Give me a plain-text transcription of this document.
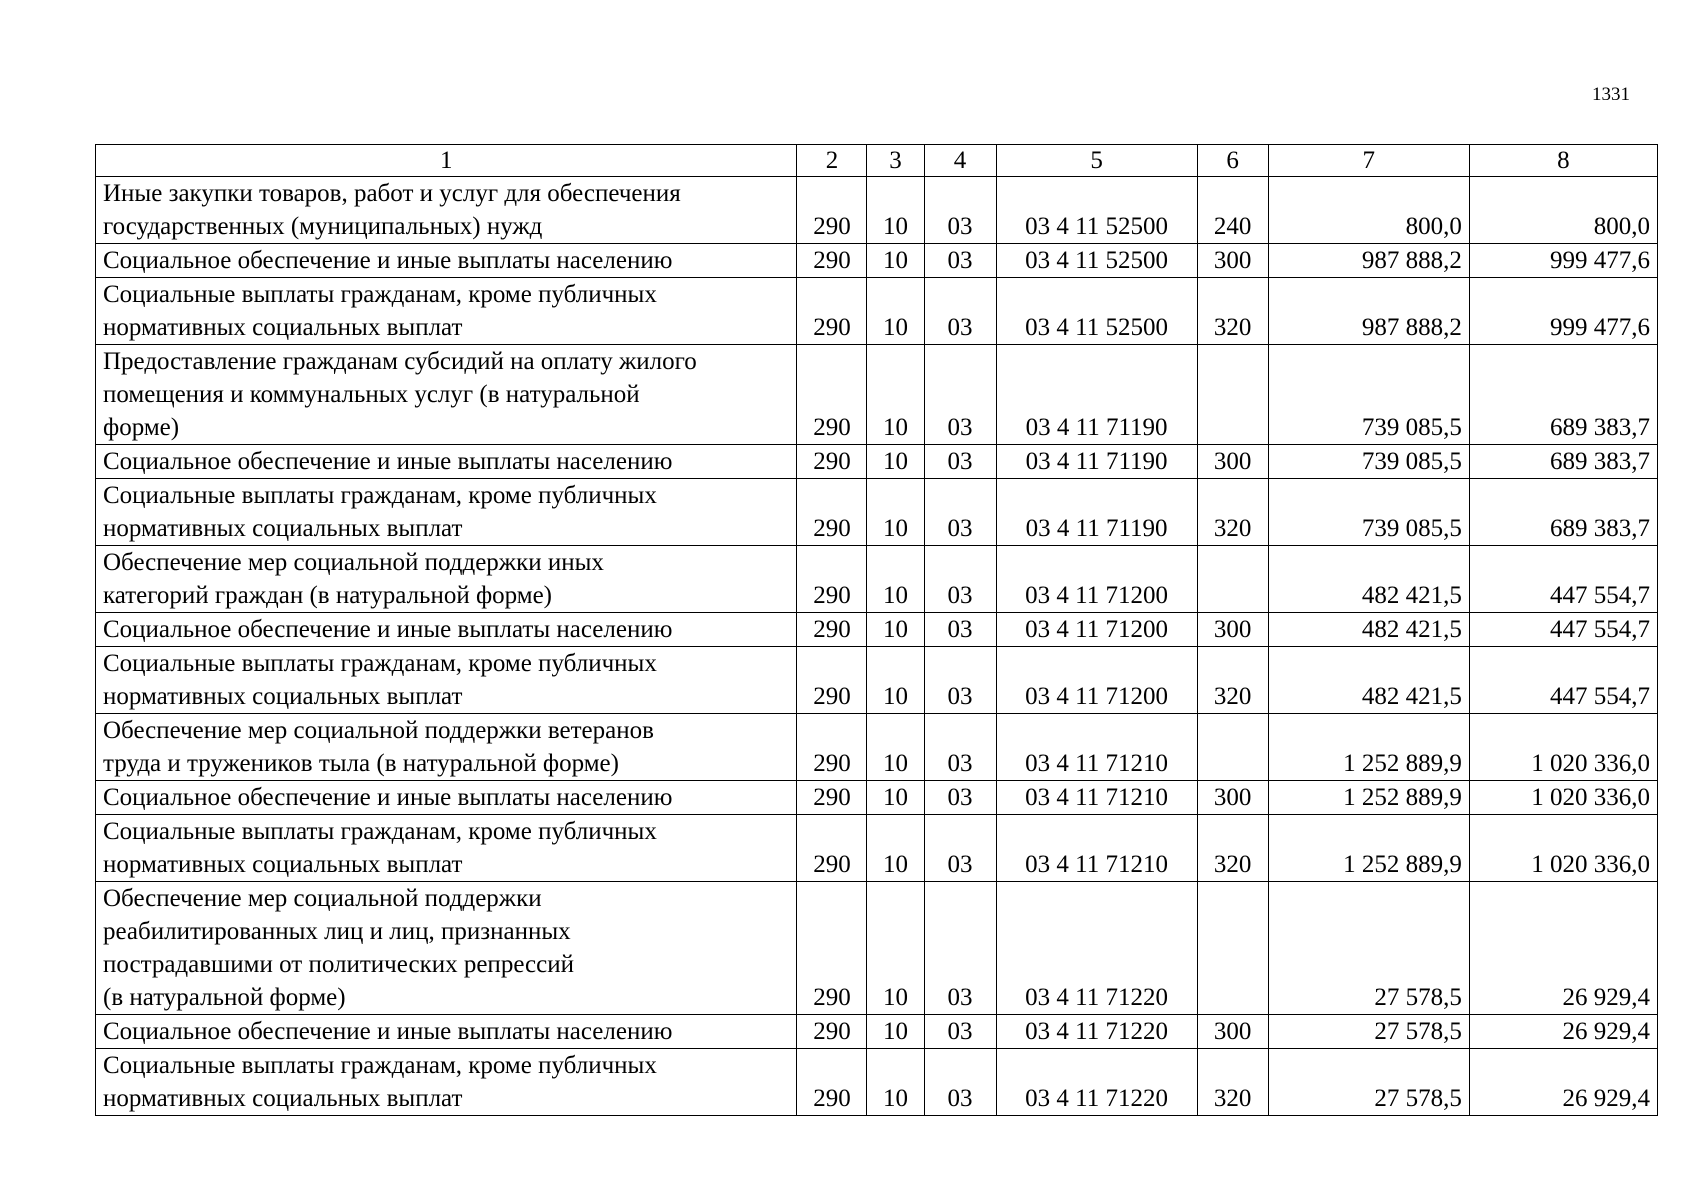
1331
1	2	3	4	5	6	7	8
Иные закупки товаров, работ и услуг для обеспечения
государственных (муниципальных) нужд	290	10	03	03 4 11 52500	240	800,0	800,0
Социальное обеспечение и иные выплаты населению	290	10	03	03 4 11 52500	300	987 888,2	999 477,6
Социальные выплаты гражданам, кроме публичных
нормативных социальных выплат	290	10	03	03 4 11 52500	320	987 888,2	999 477,6
Предоставление гражданам субсидий на оплату жилого
помещения и коммунальных услуг (в натуральной
форме)	290	10	03	03 4 11 71190		739 085,5	689 383,7
Социальное обеспечение и иные выплаты населению	290	10	03	03 4 11 71190	300	739 085,5	689 383,7
Социальные выплаты гражданам, кроме публичных
нормативных социальных выплат	290	10	03	03 4 11 71190	320	739 085,5	689 383,7
Обеспечение мер социальной поддержки иных
категорий граждан (в натуральной форме)	290	10	03	03 4 11 71200		482 421,5	447 554,7
Социальное обеспечение и иные выплаты населению	290	10	03	03 4 11 71200	300	482 421,5	447 554,7
Социальные выплаты гражданам, кроме публичных
нормативных социальных выплат	290	10	03	03 4 11 71200	320	482 421,5	447 554,7
Обеспечение мер социальной поддержки ветеранов
труда и тружеников тыла (в натуральной форме)	290	10	03	03 4 11 71210		1 252 889,9	1 020 336,0
Социальное обеспечение и иные выплаты населению	290	10	03	03 4 11 71210	300	1 252 889,9	1 020 336,0
Социальные выплаты гражданам, кроме публичных
нормативных социальных выплат	290	10	03	03 4 11 71210	320	1 252 889,9	1 020 336,0
Обеспечение мер социальной поддержки
реабилитированных лиц и лиц, признанных
пострадавшими от политических репрессий
(в натуральной форме)	290	10	03	03 4 11 71220		27 578,5	26 929,4
Социальное обеспечение и иные выплаты населению	290	10	03	03 4 11 71220	300	27 578,5	26 929,4
Социальные выплаты гражданам, кроме публичных
нормативных социальных выплат	290	10	03	03 4 11 71220	320	27 578,5	26 929,4
